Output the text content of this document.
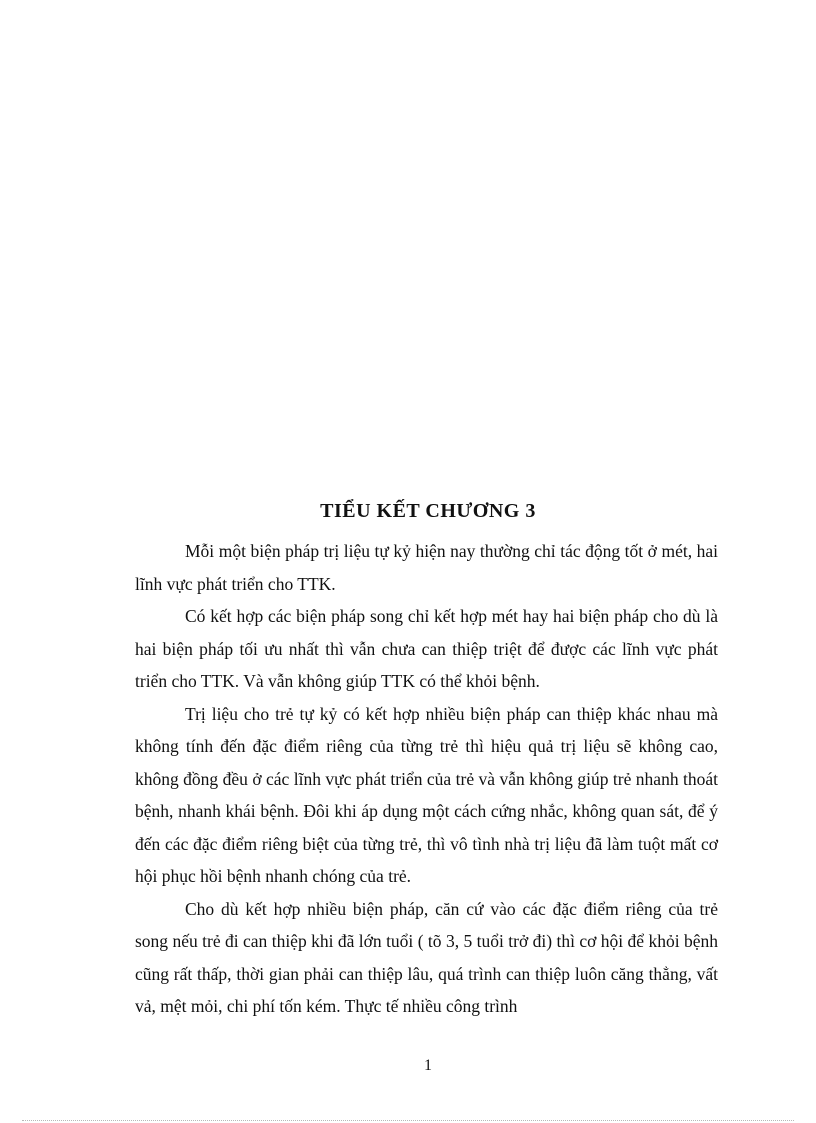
TIỂU KẾT CHƯƠNG 3

Mỗi một biện pháp trị liệu tự kỷ hiện nay thường chỉ tác động tốt ở mét, hai lĩnh vực phát triển cho TTK.

Có kết hợp các biện pháp song chỉ kết hợp mét hay hai biện pháp cho dù là hai biện pháp tối ưu nhất thì vẫn chưa can thiệp triệt để được các lĩnh vực phát triển cho TTK. Và vẫn không giúp TTK có thể khỏi bệnh.

Trị liệu cho trẻ tự kỷ có kết hợp nhiều biện pháp can thiệp khác nhau mà không tính đến đặc điểm riêng của từng trẻ thì hiệu quả trị liệu sẽ không cao, không đồng đều ở các lĩnh vực phát triển của trẻ và vẫn không giúp trẻ nhanh thoát bệnh, nhanh khái bệnh. Đôi khi áp dụng một cách cứng nhắc, không quan sát, để ý đến các đặc điểm riêng biệt của từng trẻ, thì vô tình nhà trị liệu đã làm tuột mất cơ hội phục hồi bệnh nhanh chóng của trẻ.

Cho dù kết hợp nhiều biện pháp, căn cứ vào các đặc điểm riêng của trẻ song nếu trẻ đi can thiệp khi đã lớn tuổi ( tõ 3, 5 tuổi trở đi) thì cơ hội để khỏi bệnh cũng rất thấp, thời gian phải can thiệp lâu, quá trình can thiệp luôn căng thẳng, vất vả, mệt mỏi, chi phí tốn kém. Thực tế nhiều công trình

1
